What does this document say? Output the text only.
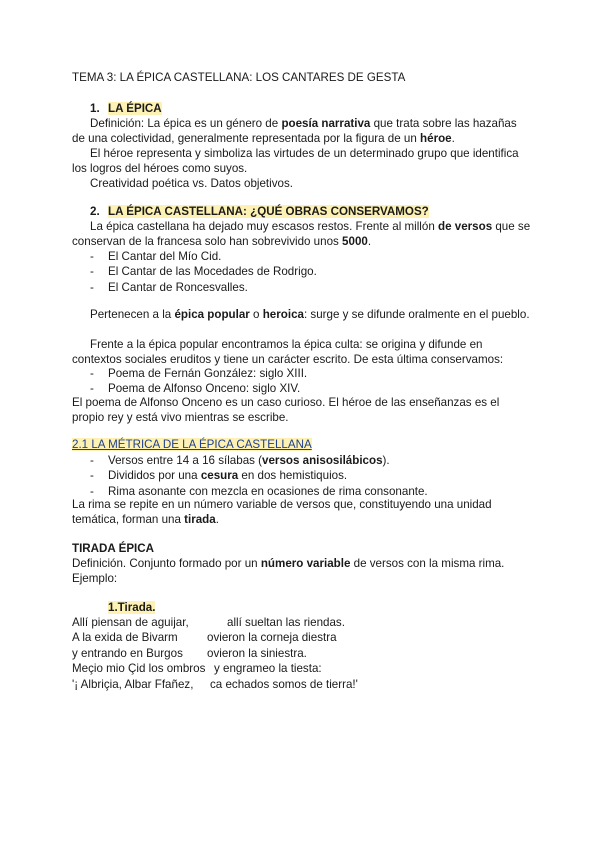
TEMA 3: LA ÉPICA CASTELLANA: LOS CANTARES DE GESTA
1. LA ÉPICA

Definición: La épica es un género de poesía narrativa que trata sobre las hazañas de una colectividad, generalmente representada por la figura de un héroe.

El héroe representa y simboliza las virtudes de un determinado grupo que identifica los logros del héroes como suyos.

Creatividad poética vs. Datos objetivos.

2. LA ÉPICA CASTELLANA: ¿QUÉ OBRAS CONSERVAMOS?

La épica castellana ha dejado muy escasos restos. Frente al millón de versos que se conservan de la francesa solo han sobrevivido unos 5000.

- El Cantar del Mío Cid.
- El Cantar de las Mocedades de Rodrigo.
- El Cantar de Roncesvalles.

Pertenecen a la épica popular o heroica: surge y se difunde oralmente en el pueblo.

Frente a la épica popular encontramos la épica culta: se origina y difunde en contextos sociales eruditos y tiene un carácter escrito. De esta última conservamos:

- Poema de Fernán González: siglo XIII.
- Poema de Alfonso Onceno: siglo XIV.

El poema de Alfonso Onceno es un caso curioso. El héroe de las enseñanzas es el propio rey y está vivo mientras se escribe.

2.1 LA MÉTRICA DE LA ÉPICA CASTELLANA
- Versos entre 14 a 16 sílabas (versos anisosilábicos).
- Divididos por una cesura en dos hemistiquios.
- Rima asonante con mezcla en ocasiones de rima consonante.

La rima se repite en un número variable de versos que, constituyendo una unidad temática, forman una tirada.

TIRADA ÉPICA

Definición. Conjunto formado por un número variable de versos con la misma rima.

Ejemplo:

1.Tirada.
Allí piensan de aguijar,	allí sueltan las riendas.
A la exida de Bivarm	ovieron la corneja diestra
y entrando en Burgos ovieron la siniestra.
Meçio mio Çid los ombros y engrameo la tiesta:
'¡ Albriçia, Albar Ffañez, ca echados somos de tierra!'
